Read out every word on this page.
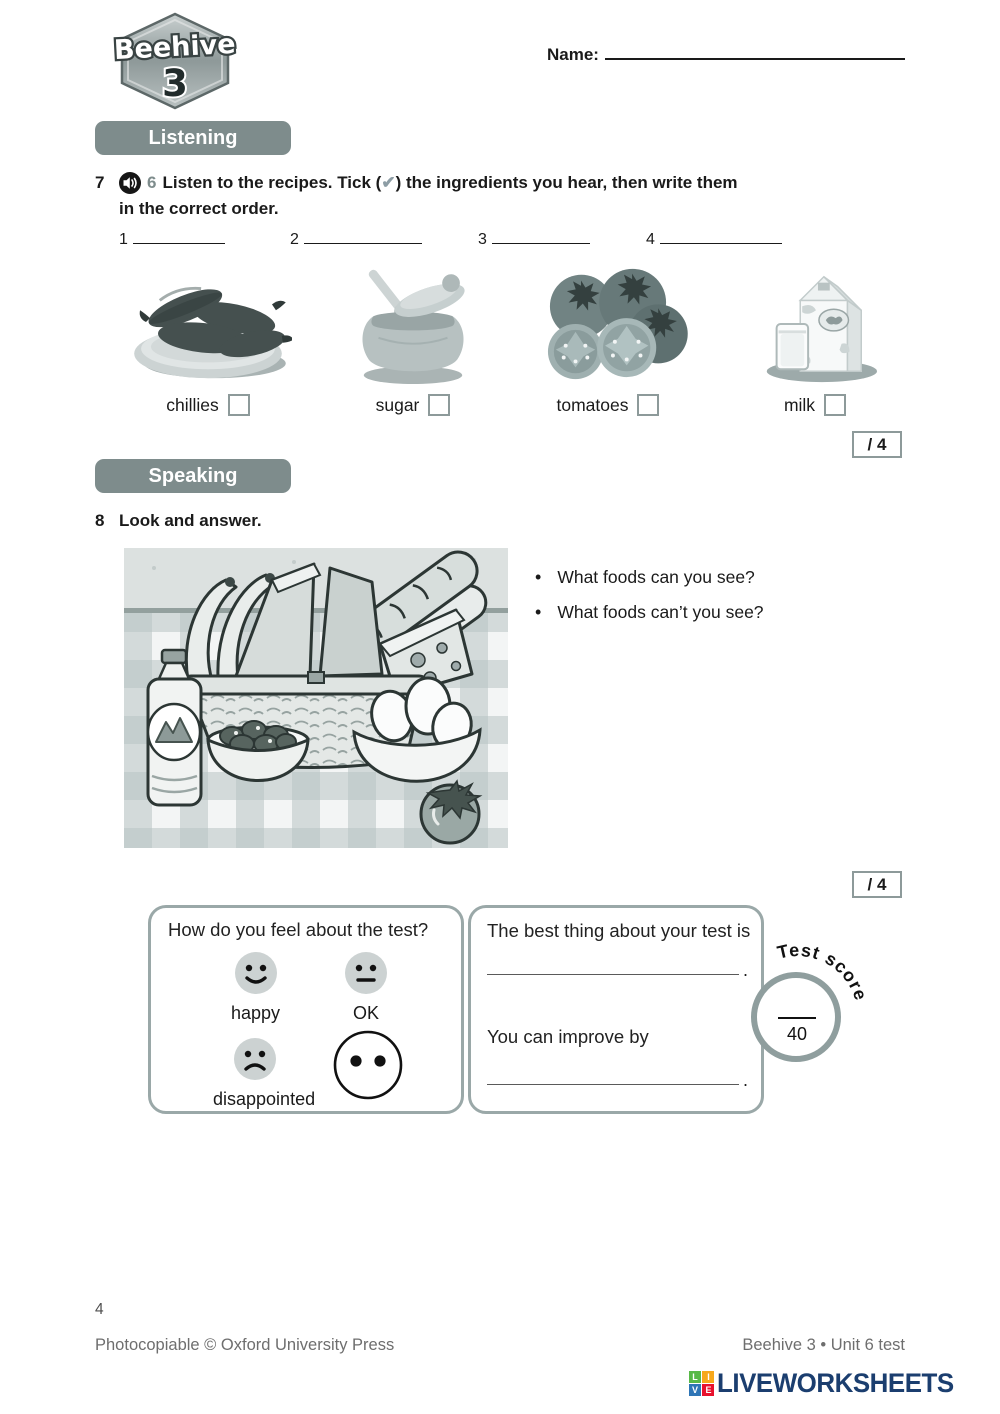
Beehive
3
Name:
Listening
7	6 Listen to the recipes. Tick (✔) the ingredients you hear, then write them
in the correct order.
1	2	3	4
chillies	sugar	tomatoes	milk
/ 4
Speaking
8 Look and answer.
• What foods can you see?
• What foods can’t you see?
/ 4
How do you feel about the test?
happy	OK
disappointed
The best thing about your test is
.
You can improve by
.
Test score
40
4
Photocopiable © Oxford University Press	Beehive 3 • Unit 6 test
L	I
V E LIVEWORKSHEETS
